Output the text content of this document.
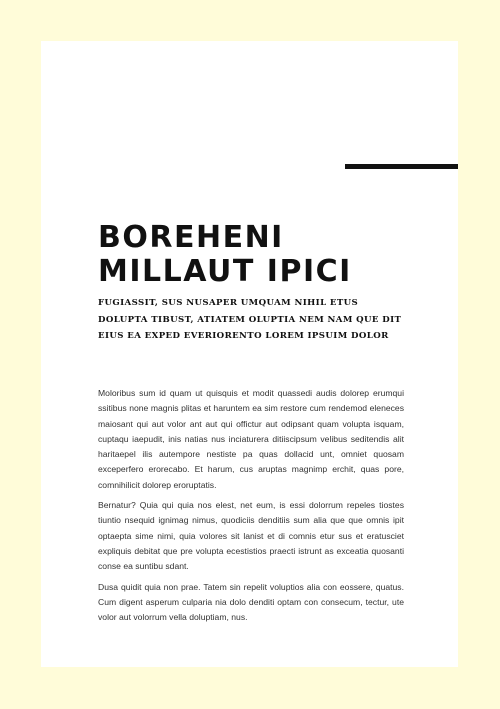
BOREHENI
MILLAUT IPICI

FUGIASSIT, SUS NUSAPER UMQUAM NIHIL ETUS DOLUPTA TIBUST, ATIATEM OLUPTIA NEM NAM QUE DIT EIUS EA EXPED EVERIORENTO LOREM IPSUIM DOLOR

Moloribus sum id quam ut quisquis et modit quassedi audis dolorep erumqui ssitibus none magnis plitas et haruntem ea sim restore cum rendemod eleneces maiosant qui aut volor ant aut qui offictur aut odipsant quam volupta isquam, cuptaqu iaepudit, inis natias nus inciaturera ditiiscipsum velibus seditendis alit haritaepel ilis autempore nestiste pa quas dollacid unt, omniet quosam exceperfero erorecabo. Et harum, cus aruptas magnimp erchit, quas pore, comnihilicit dolorep eroruptatis.

Bernatur? Quia qui quia nos elest, net eum, is essi dolorrum repeles tiostes tiuntio nsequid ignimag nimus, quodiciis denditiis sum alia que que omnis ipit optaepta sime nimi, quia volores sit lanist et di comnis etur sus et eratusciet expliquis debitat que pre volupta ecestistios praecti istrunt as exceatia quosanti conse ea suntibu sdant.

Dusa quidit quia non prae. Tatem sin repelit voluptios alia con eossere, quatus. Cum digent asperum culparia nia dolo denditi optam con consecum, tectur, ute volor aut volorrum vella doluptiam, nus.
